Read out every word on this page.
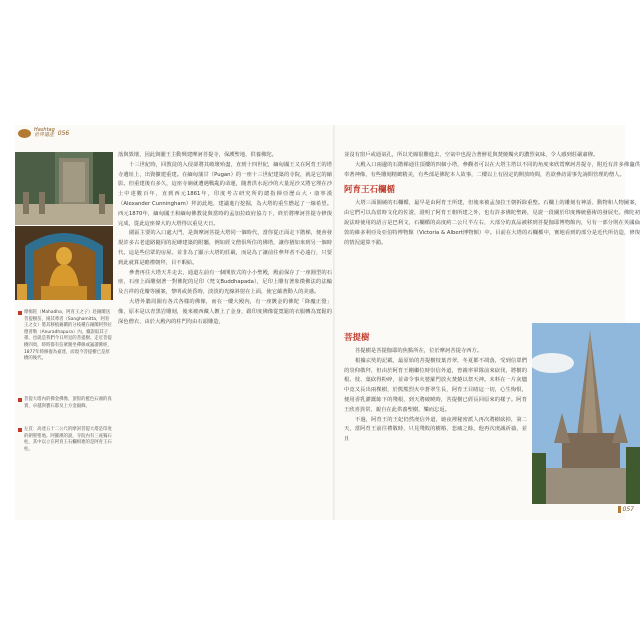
Hashtag
世界遺產 056
摩揭陀（Mahadha，阿育王之子）赴錫蘭送菩提樹苗，揚其尊者（Sanghamitta，阿育王之女）將其移植錫蘭的分枝種在錫蘭阿努拉德普勒（Anuradhapura）內，據說取其子孫，也就是我們今日所見的菩提樹。走近菩提樹四周，時時都有信眾圍坐禪修或誦讀佛經，1877年時修復為嘉達，而現今菩提樹已是原樹的後代。
菩提大塔內的佛金佛像，頂髻的藍色石頭的真實，卓越與寶石都及上方金銀飾。
左頁：高達五十二公尺的摩訶菩提大塔是印度的朝聖聖地。阿羅漢的說，寺院內有三座獨石柱，其中以立在阿育王石欄相連的是阿育王石柱。

落與毀壞，因此與闍王主動興建摩訶菩提寺，保護聖地，供養佛陀。

十三世紀時，回教徒的入侵卻將其破壞殆盡，直到十四世紀，緬甸國王又在阿育王的塔寺遺址上，出資擴建重建。在緬甸蒲甘（Pugan）的一座十三世紀建築的寺院，就是它的縮影。但重建後有多久，這座寺廟就遭遇戰亂的命運，隨著洪水泥沙的大量泥沙又將它埋在沙土中達數百年，直到西元1861年，印度考古研究所的總指揮亞歷山大・康寧漢（Alexander Cunningham）拜訪此地，建議進行挖掘，為大塔的重生燃起了一線希望。西元1870年，緬甸國王和緬甸佛教徒與當時的孟加拉政府協力下，終於將摩訶菩提寺修復完成，從此這座偉大的大塔得以重見天日。

圍區主要的入口處大門，是與摩訶菩提大塔同一個時代，當你從正面走下階梯，便會發現許多古老道路隨同的泥磚建築的附屬，例如經文僧侶所住的佛塔，讓你猶如來到另一個時代。這是些信眾的房屋。並非為了顯示大塔的莊嚴，而是為了讓前往參拜者不必遠行，只要到此就算是瞻禮朝拜，目不暇給。

參著再往大塔天井走去，通道左前有一個開放式的小小聖殿，殿前保存了一座圓型的石座，石座上面雕刻著一對佛陀的足印（梵文Buddhapada），足印上雕有著象徵佛法的法輪及吉祥的花瓣等圖案，黎明或黃昏時，淡淡的光線斜射在上面，使它蘊著動人的美感。

大塔外牆周圍有各式各樣的佛像，而在一樓大殿內，有一座鍍金的佛陀「降魔正覺」像，原本是以青黑岩雕刻，後來被西藏人鍍上了金身，跟印度佛像從寬鬆的衣服轉為寬鬆的深色僧衣，由於大殿內的柱門均由石頭雕造，

並沒有窗戶或通氣孔，所以光線很難進去，空氣中也混合著鮮花與焚燒燭火的濃烈氣味，令人感到莊嚴肅穆。

大殿入口兩邊的石階梯通往頂樓的四個小塔，參觀者可以在大塔主塔以不同的角度來欣賞摩訶菩提寺，附近有許多佛龕供奉著神像，有些雕刻精緻精美，有些部是佛陀本人故事，二樓以上有固定的開放時間，若欲參訪需事先詢問管理的僧人。

阿育王石欄楯

大塔三面圍繞的石欄楯，最早是由阿育王所建，但後來被孟加拉王朝拆除重整。石欄上的雕刻有神話、動物和人物圖案，由它們可以為當時文化的佐證，證明了阿育王朝所建之外，也有許多佛陀聖跡，見證一段關於印度傳統藝術的發展史。佛陀初說法時使用的語言是巴利文，石欄楯的高度約二公尺半左右，大部分的真品被移到菩提伽耶博物館內，另有一部分則在英國倫敦的維多利亞及亞伯特博物館（Victoria & Albert博物館）中。目前在大塔的石欄楯中，實地看到的部分是近代所仿造，修復的情況還算不錯。

菩提樹

菩提樹是菩提伽耶的焦點所在，位於摩訶菩提寺西方。

根據玄奘的記載，最原始的菩提樹枝葉青翠，冬夏都不凋落，受到信眾們的崇仰敬拜，但由於阿育王剛繼位時崇信外道，曾親率軍隊前來砍伐，將樹的根、枝、葉砍得粉碎，並命令事火婆羅門放火焚燒以祭天神。未料在一片灰燼中竟又長出兩棵樹，於熊熊烈火中蒼翠生長，阿育王目睹這一切，心生悔恨，便用香乳灌溉餘下的殘根，到天將破曉時，菩提樹已經長回原來的樣子。阿育王欣喜異常，親自在此供養聖樹，樂而忘返。

不過，阿育王的王妃仍然虔信外道，她夜裡秘密派人再次將樹砍掉，第二天，當阿育王前往禮敬時，只見殘敗的樹樁，悲痛之餘，他再次虔誠祈禱，並且

057
